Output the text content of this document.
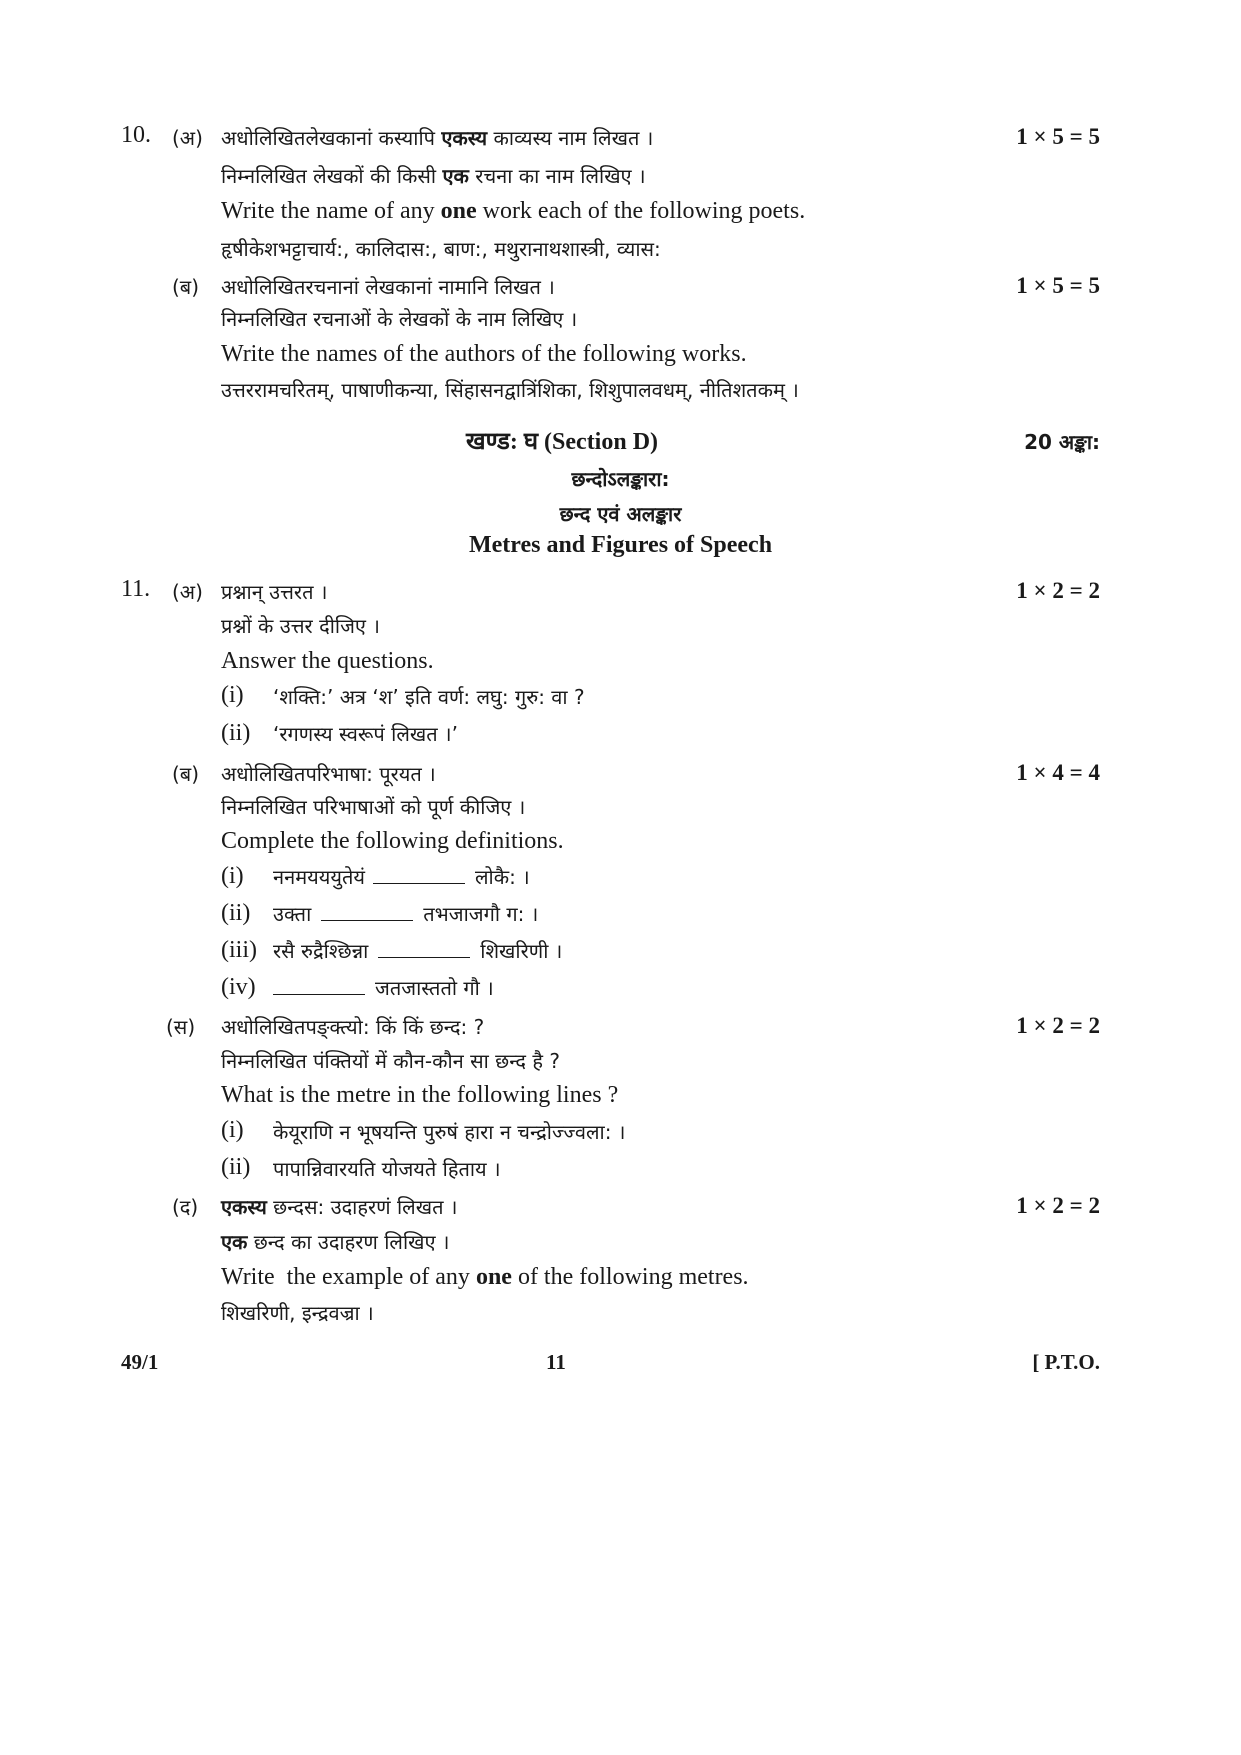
10. (अ) अधोलिखितलेखकानां कस्यापि एकस्य काव्यस्य नाम लिखत ।	1 × 5 = 5
निम्नलिखित लेखकों की किसी एक रचना का नाम लिखिए ।
Write the name of any one work each of the following poets.
हृषीकेशभट्टाचार्य:, कालिदास:, बाण:, मथुरानाथशास्त्री, व्यास:
(ब) अधोलिखितरचनानां लेखकानां नामानि लिखत ।	1 × 5 = 5
निम्नलिखित रचनाओं के लेखकों के नाम लिखिए ।
Write the names of the authors of the following works.
उत्तररामचरितम्, पाषाणीकन्या, सिंहासनद्वात्रिंशिका, शिशुपालवधम्, नीतिशतकम् ।
खण्ड: घ (Section D)	20 अङ्का:
छन्दोऽलङ्कारा:
छन्द एवं अलङ्कार
Metres and Figures of Speech
11. (अ) प्रश्नान् उत्तरत ।	1 × 2 = 2
प्रश्नों के उत्तर दीजिए ।
Answer the questions.
(i) ‘शक्ति:’ अत्र ‘श’ इति वर्ण: लघु: गुरु: वा ?
(ii) ‘रगणस्य स्वरूपं लिखत ।’
(ब) अधोलिखितपरिभाषा: पूरयत ।	1 × 4 = 4
निम्नलिखित परिभाषाओं को पूर्ण कीजिए ।
Complete the following definitions.
(i) ननमयययुतेयं	लोकै: ।
(ii) उक्ता	तभजाजगौ ग: ।
(iii) रसै रुद्रैश्छिन्ना	शिखरिणी ।
(iv)	जतजास्ततो गौ ।
(स) अधोलिखितपङ्क्त्यो: किं किं छन्द: ?	1 × 2 = 2
निम्नलिखित पंक्तियों में कौन-कौन सा छन्द है ?
What is the metre in the following lines ?
(i) केयूराणि न भूषयन्ति पुरुषं हारा न चन्द्रोज्ज्वला: ।
(ii) पापान्निवारयति योजयते हिताय ।
(द) एकस्य छन्दस: उदाहरणं लिखत ।	1 × 2 = 2
एक छन्द का उदाहरण लिखिए ।
Write  the example of any one of the following metres.
शिखरिणी, इन्द्रवज्रा ।
49/1	11	[ P.T.O.
